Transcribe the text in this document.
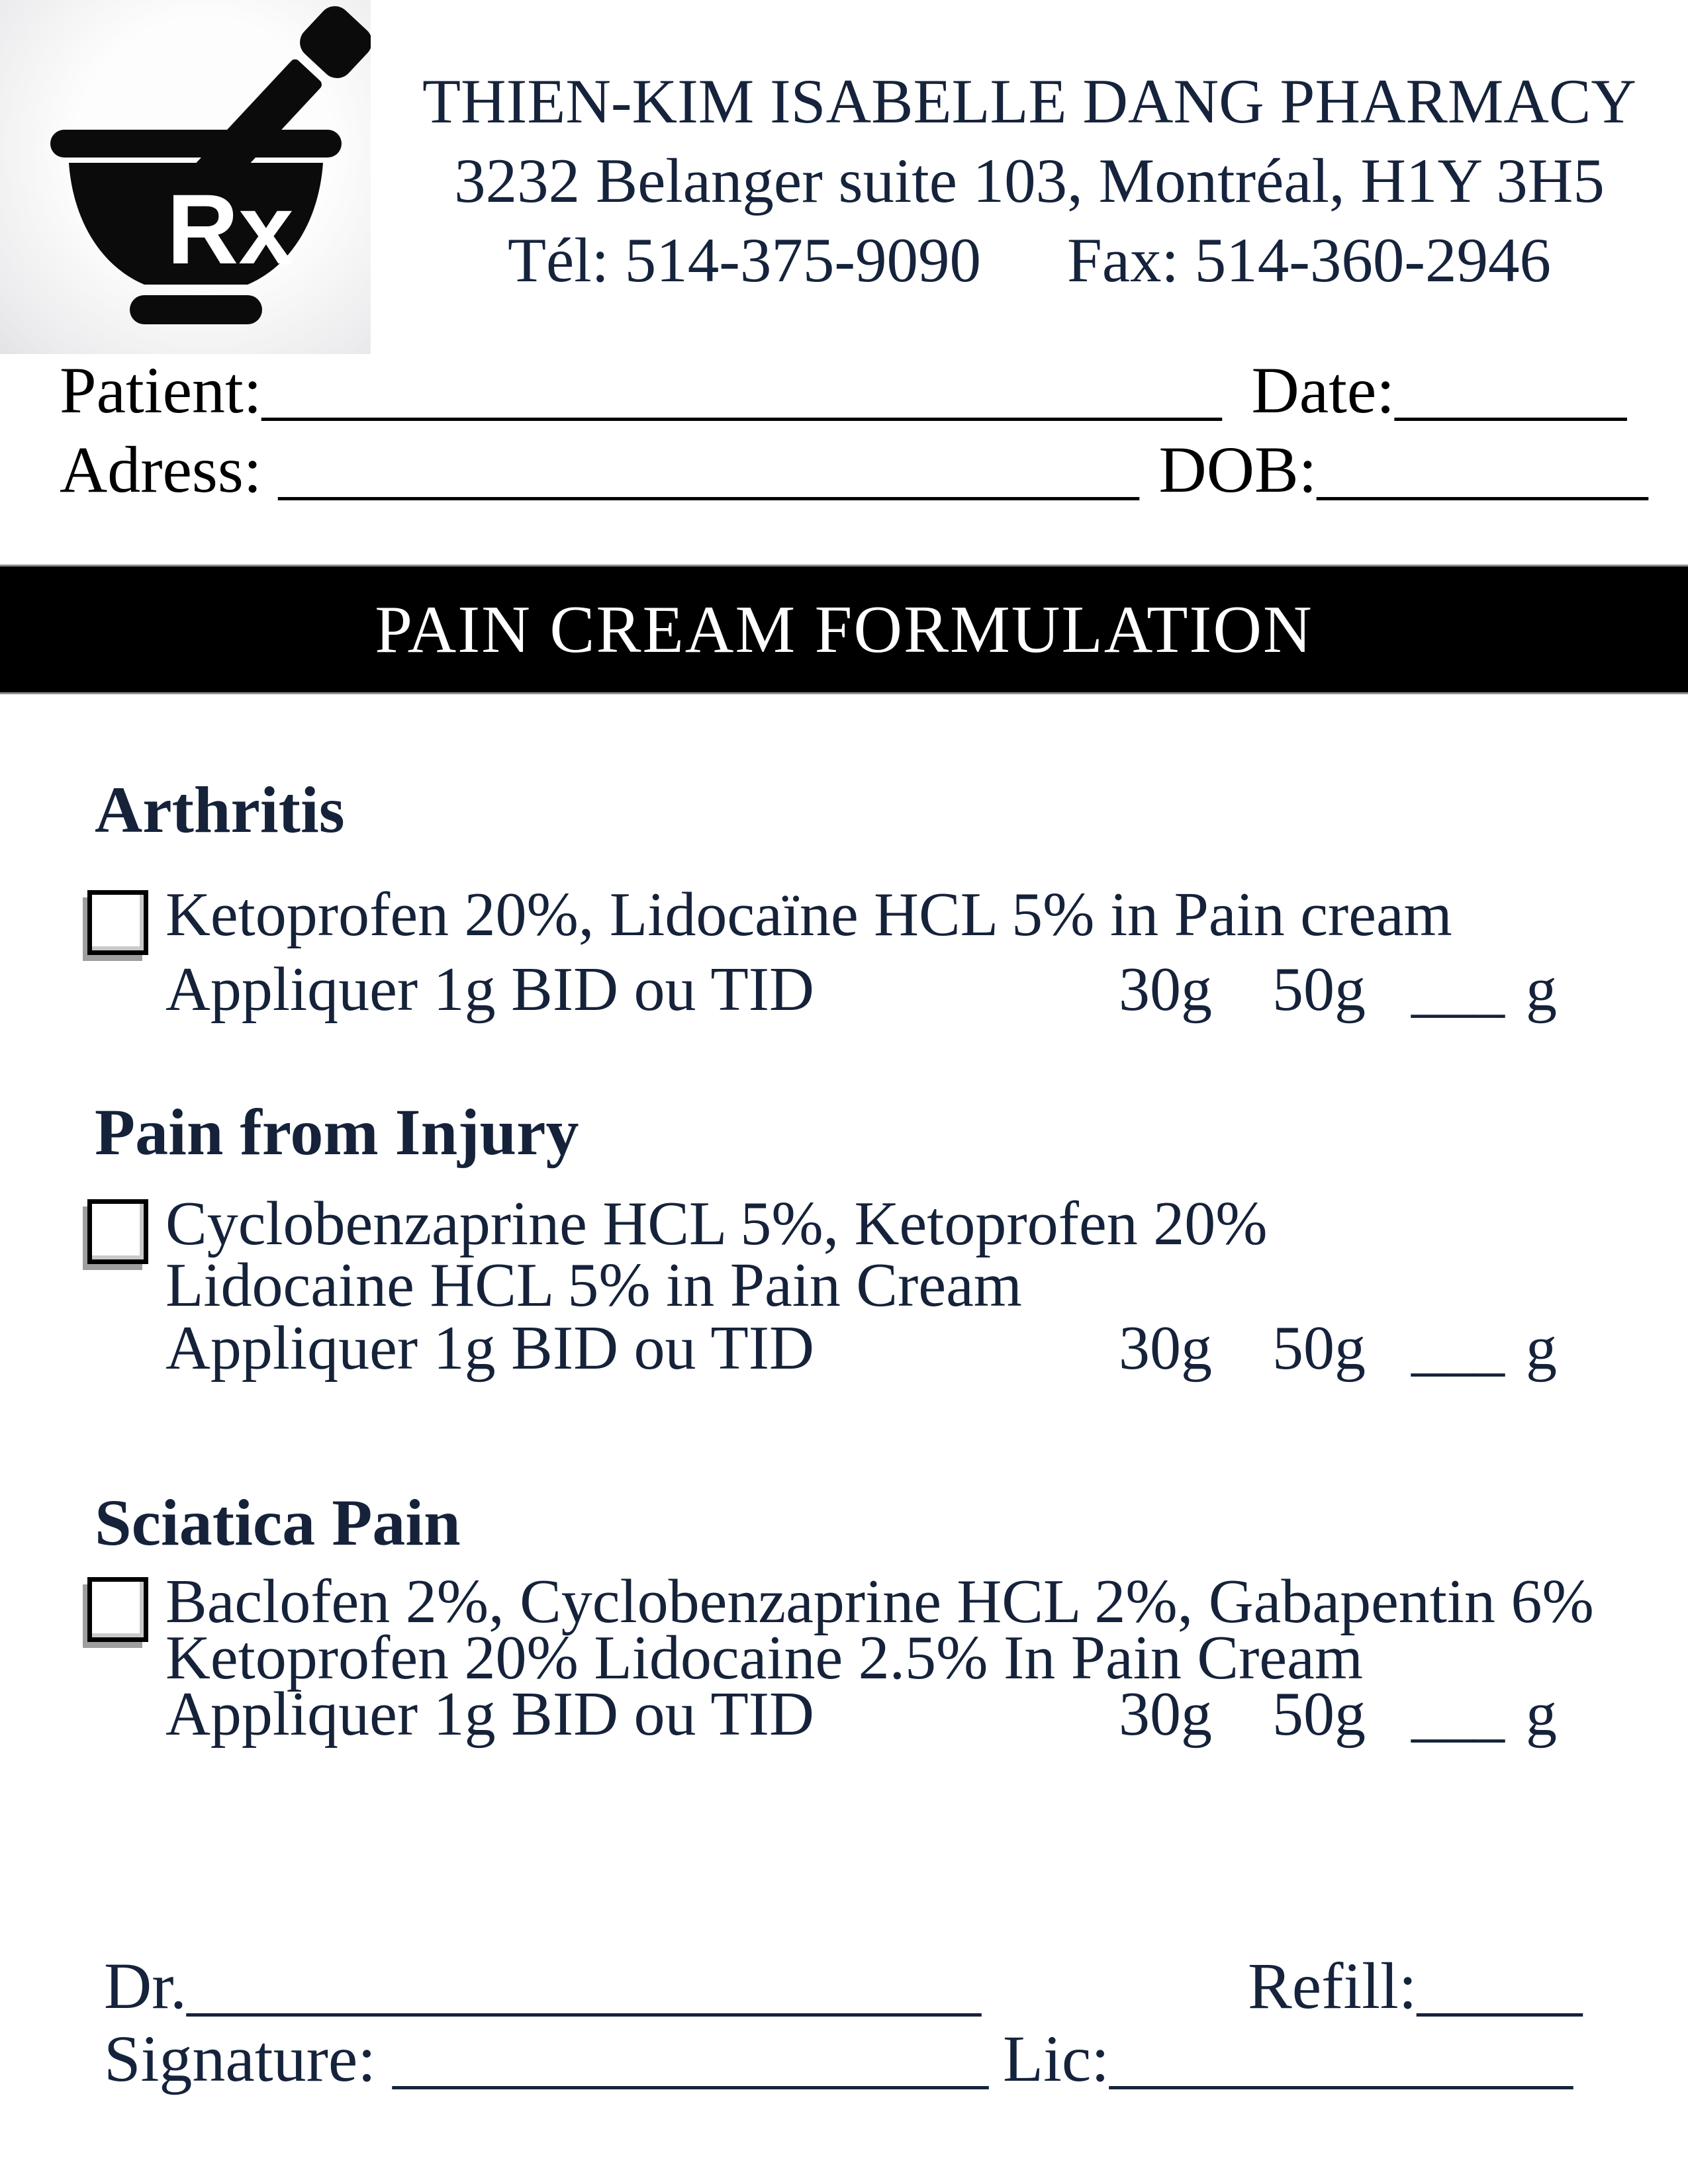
Rx
THIEN-KIM ISABELLE DANG PHARMACY
3232 Belanger suite 103, Montréal, H1Y 3H5
Tél: 514-375-9090 Fax: 514-360-2946
Patient:_____________________________ Date:_______
Adress: __________________________ DOB:__________
PAIN CREAM FORMULATION
Arthritis
Ketoprofen 20%, Lidocaïne HCL 5% in Pain cream
Appliquer 1g BID ou TID	30g 50g ___ g
Pain from Injury
Cyclobenzaprine HCL 5%, Ketoprofen 20%
Lidocaine HCL 5% in Pain Cream
Appliquer 1g BID ou TID	30g 50g ___ g
Sciatica Pain
Baclofen 2%, Cyclobenzaprine HCL 2%, Gabapentin 6%
Ketoprofen 20% Lidocaine 2.5% In Pain Cream
Appliquer 1g BID ou TID	30g 50g ___ g
Dr.________________________	Refill:_____
Signature: __________________ Lic:______________
